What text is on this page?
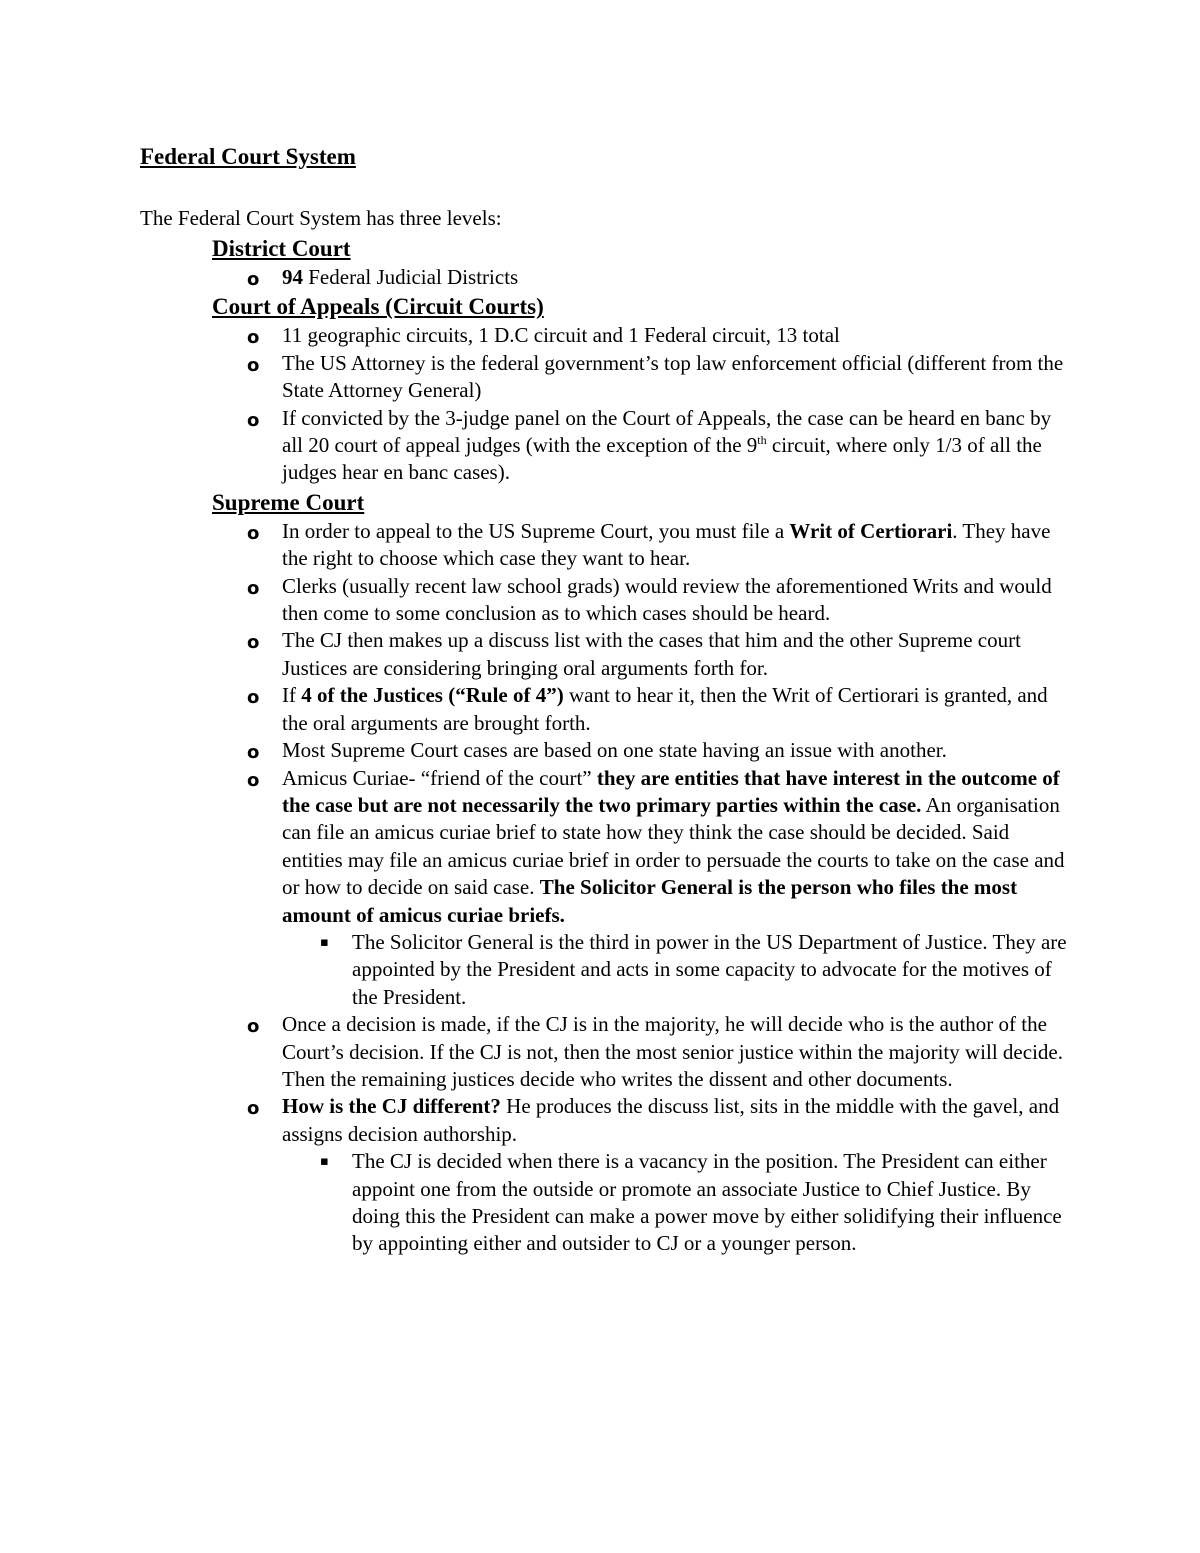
Federal Court System
The Federal Court System has three levels:
District Court
o 94 Federal Judicial Districts
Court of Appeals (Circuit Courts)
o 11 geographic circuits, 1 D.C circuit and 1 Federal circuit, 13 total
o The US Attorney is the federal government’s top law enforcement official (different from the State Attorney General)
o If convicted by the 3-judge panel on the Court of Appeals, the case can be heard en banc by all 20 court of appeal judges (with the exception of the 9th circuit, where only 1/3 of all the judges hear en banc cases).
Supreme Court
o In order to appeal to the US Supreme Court, you must file a Writ of Certiorari. They have the right to choose which case they want to hear.
o Clerks (usually recent law school grads) would review the aforementioned Writs and would then come to some conclusion as to which cases should be heard.
o The CJ then makes up a discuss list with the cases that him and the other Supreme court Justices are considering bringing oral arguments forth for.
o If 4 of the Justices (“Rule of 4”) want to hear it, then the Writ of Certiorari is granted, and the oral arguments are brought forth.
o Most Supreme Court cases are based on one state having an issue with another.
o Amicus Curiae- “friend of the court” they are entities that have interest in the outcome of the case but are not necessarily the two primary parties within the case. An organisation can file an amicus curiae brief to state how they think the case should be decided. Said entities may file an amicus curiae brief in order to persuade the courts to take on the case and or how to decide on said case. The Solicitor General is the person who files the most amount of amicus curiae briefs.
▪ The Solicitor General is the third in power in the US Department of Justice. They are appointed by the President and acts in some capacity to advocate for the motives of the President.
o Once a decision is made, if the CJ is in the majority, he will decide who is the author of the Court’s decision. If the CJ is not, then the most senior justice within the majority will decide. Then the remaining justices decide who writes the dissent and other documents.
o How is the CJ different? He produces the discuss list, sits in the middle with the gavel, and assigns decision authorship.
▪ The CJ is decided when there is a vacancy in the position. The President can either appoint one from the outside or promote an associate Justice to Chief Justice. By doing this the President can make a power move by either solidifying their influence by appointing either and outsider to CJ or a younger person.
